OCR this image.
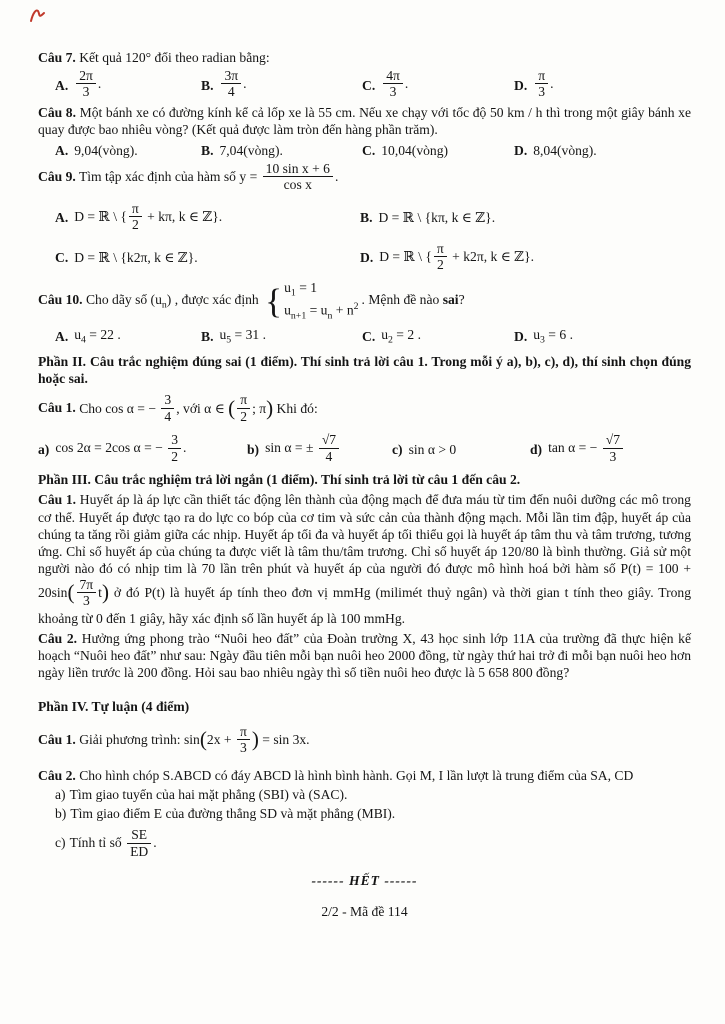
Câu 7. Kết quả 120° đổi theo radian bằng:

A. $\frac{2\pi}{3}$ .	B. $\frac{3\pi}{4}$ .	C. $\frac{4\pi}{3}$ .	D. $\frac{\pi}{3}$ .

Câu 8. Một bánh xe có đường kính kể cả lốp xe là 55 cm. Nếu xe chạy với tốc độ 50 km / h thì trong một giây bánh xe quay được bao nhiêu vòng? (Kết quả được làm tròn đến hàng phần trăm).

A. 9,04(vòng).	B. 7,04(vòng).	C. 10,04(vòng)	D. 8,04(vòng).

Câu 9. Tìm tập xác định của hàm số $y = \frac{\text{10 sin x + 6}}{\text{cos x}}$ .

A. D = ℝ \ { $\frac{\pi}{2} + k\pi$, k ∈ ℤ}.	B. D = ℝ \ {kπ, k ∈ ℤ}.
C. D = ℝ \ {k2π, k ∈ ℤ}.	D. D = ℝ \ { $\frac{\pi}{2} + k2\pi$, k ∈ ℤ}.

Câu 10. Cho dãy số $(u_n)$ , được xác định { $u_1 = 1$
$u_{n+1} = u_n + n^2$ . Mệnh đề nào sai?

A. $u_4 = 22$ .	B. $u_5 = 31$ .	C. $u_2 = 2$ .	D. $u_3 = 6$ .

Phần II. Câu trắc nghiệm đúng sai (1 điểm). Thí sinh trả lời câu 1. Trong mỗi ý a), b), c), d), thí sinh chọn đúng hoặc sai.

Câu 1. Cho cos α = − $\frac{3}{4}$ , với α ∈ ( $\frac{\pi}{2}$ ; π) Khi đó:

a) cos 2α = 2cos α = − $\frac{3}{2}$ .	b) sin α = ± $\frac{√7}{4}$	c) sin α > 0	d) tan α = − $\frac{√7}{3}$

Phần III. Câu trắc nghiệm trả lời ngắn (1 điểm). Thí sinh trả lời từ câu 1 đến câu 2.

Câu 1. Huyết áp là áp lực cần thiết tác động lên thành của động mạch để đưa máu từ tim đến nuôi dưỡng các mô trong cơ thể. Huyết áp được tạo ra do lực co bóp của cơ tim và sức cản của thành động mạch. Mỗi lần tim đập, huyết áp của chúng ta tăng rồi giảm giữa các nhịp. Huyết áp tối đa và huyết áp tối thiểu gọi là huyết áp tâm thu và tâm trương, tương ứng. Chỉ số huyết áp của chúng ta được viết là tâm thu/tâm trương. Chỉ số huyết áp 120/80 là bình thường. Giả sử một người nào đó có nhịp tim là 70 lần trên phút và huyết áp của người đó được mô hình hoá bởi hàm số $P(t) = 100 + 20\sin( \frac{7\pi}{3} t)$ ở đó P(t) là huyết áp tính theo đơn vị mmHg (milimét thuỷ ngân) và thời gian t tính theo giây. Trong khoảng từ 0 đến 1 giây, hãy xác định số lần huyết áp là 100 mmHg.

Câu 2. Hưởng ứng phong trào “Nuôi heo đất” của Đoàn trường X, 43 học sinh lớp 11A của trường đã thực hiện kế hoạch “Nuôi heo đất” như sau: Ngày đầu tiên mỗi bạn nuôi heo 2000 đồng, từ ngày thứ hai trở đi mỗi bạn nuôi heo hơn ngày liền trước là 200 đồng. Hỏi sau bao nhiêu ngày thì số tiền nuôi heo được là 5 658 800 đồng?

Phần IV. Tự luận (4 điểm)

Câu 1. Giải phương trình: $\sin(2x + \frac{\pi}{3}$ ) = sin 3x.

Câu 2. Cho hình chóp S.ABCD có đáy ABCD là hình bình hành. Gọi M, I lần lượt là trung điểm của SA, CD

a) Tìm giao tuyến của hai mặt phẳng (SBI) và (SAC).

b) Tìm giao điểm E của đường thẳng SD và mặt phẳng (MBI).

c) Tính tỉ số $\frac{SE}{ED}$ .

------ HẾT ------

2/2 - Mã đề 114
